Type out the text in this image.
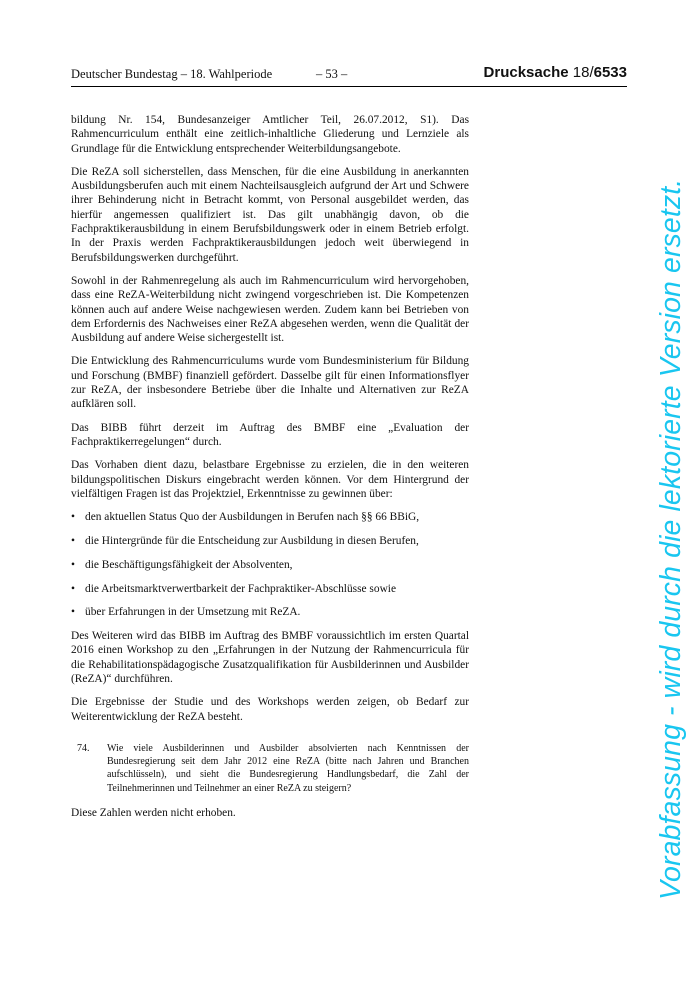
Deutscher Bundestag – 18. Wahlperiode	– 53 –	Drucksache 18/6533

bildung Nr. 154, Bundesanzeiger Amtlicher Teil, 26.07.2012, S1). Das Rahmencurriculum enthält eine zeitlich-inhaltliche Gliederung und Lernziele als Grundlage für die Entwicklung entsprechender Weiterbildungsangebote.

Die ReZA soll sicherstellen, dass Menschen, für die eine Ausbildung in anerkannten Ausbildungsberufen auch mit einem Nachteilsausgleich aufgrund der Art und Schwere ihrer Behinderung nicht in Betracht kommt, von Personal ausgebildet werden, das hierfür angemessen qualifiziert ist. Das gilt unabhängig davon, ob die Fachpraktikerausbildung in einem Berufsbildungswerk oder in einem Betrieb erfolgt. In der Praxis werden Fachpraktikerausbildungen jedoch weit überwiegend in Berufsbildungswerken durchgeführt.

Sowohl in der Rahmenregelung als auch im Rahmencurriculum wird hervorgehoben, dass eine ReZA-Weiterbildung nicht zwingend vorgeschrieben ist. Die Kompetenzen können auch auf andere Weise nachgewiesen werden. Zudem kann bei Betrieben von dem Erfordernis des Nachweises einer ReZA abgesehen werden, wenn die Qualität der Ausbildung auf andere Weise sichergestellt ist.

Die Entwicklung des Rahmencurriculums wurde vom Bundesministerium für Bildung und Forschung (BMBF) finanziell gefördert. Dasselbe gilt für einen Informationsflyer zur ReZA, der insbesondere Betriebe über die Inhalte und Alternativen zur ReZA aufklären soll.

Das BIBB führt derzeit im Auftrag des BMBF eine „Evaluation der Fachpraktikerregelungen“ durch.

Das Vorhaben dient dazu, belastbare Ergebnisse zu erzielen, die in den weiteren bildungspolitischen Diskurs eingebracht werden können. Vor dem Hintergrund der vielfältigen Fragen ist das Projektziel, Erkenntnisse zu gewinnen über:

• den aktuellen Status Quo der Ausbildungen in Berufen nach §§ 66 BBiG,
• die Hintergründe für die Entscheidung zur Ausbildung in diesen Berufen,
• die Beschäftigungsfähigkeit der Absolventen,
• die Arbeitsmarktverwertbarkeit der Fachpraktiker-Abschlüsse sowie
• über Erfahrungen in der Umsetzung mit ReZA.

Des Weiteren wird das BIBB im Auftrag des BMBF voraussichtlich im ersten Quartal 2016 einen Workshop zu den „Erfahrungen in der Nutzung der Rahmencurricula für die Rehabilitationspädagogische Zusatzqualifikation für Ausbilderinnen und Ausbilder (ReZA)“ durchführen.

Die Ergebnisse der Studie und des Workshops werden zeigen, ob Bedarf zur Weiterentwicklung der ReZA besteht.

74.	Wie viele Ausbilderinnen und Ausbilder absolvierten nach Kenntnissen der Bundesregierung seit dem Jahr 2012 eine ReZA (bitte nach Jahren und Branchen aufschlüsseln), und sieht die Bundesregierung Handlungsbedarf, die Zahl der Teilnehmerinnen und Teilnehmer an einer ReZA zu steigern?

Diese Zahlen werden nicht erhoben.	Vorabfassung - wird durch die lektorierte Version ersetzt.
